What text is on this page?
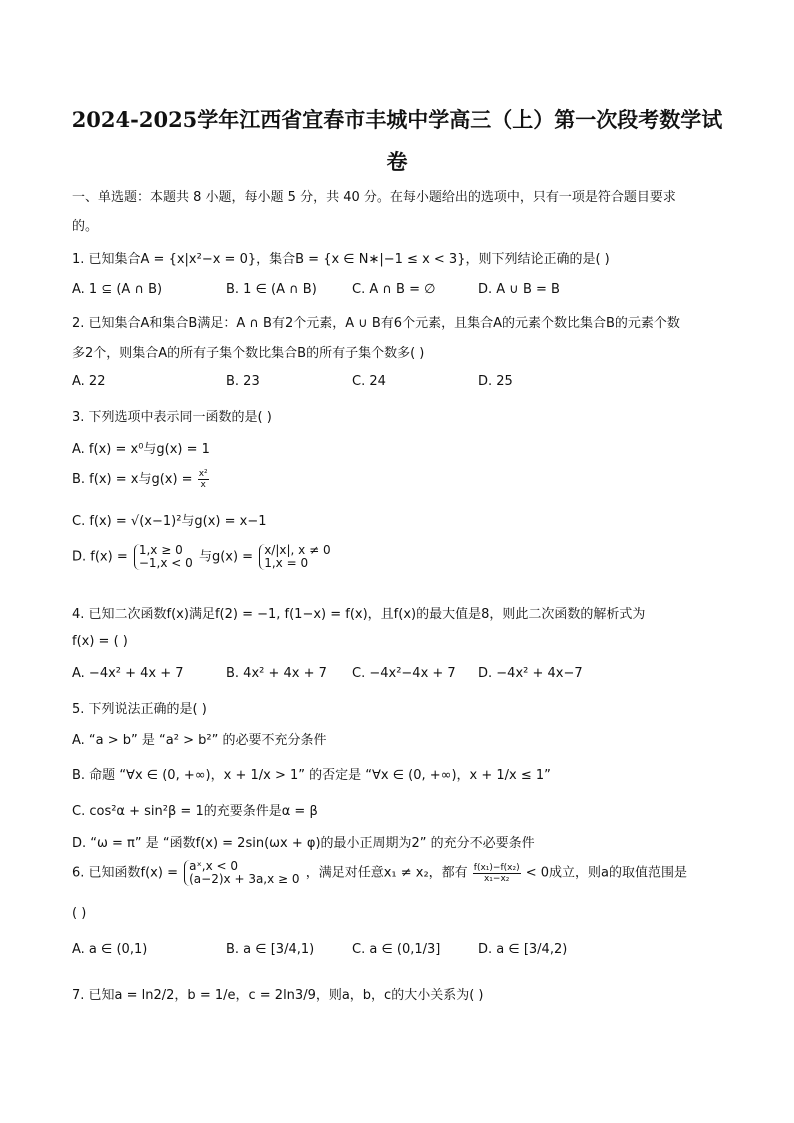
2024-2025学年江西省宜春市丰城中学高三（上）第一次段考数学试
卷
一、单选题：本题共 8 小题，每小题 5 分，共 40 分。在每小题给出的选项中，只有一项是符合题目要求
的。
1. 已知集合A = {x|x²−x = 0}，集合B = {x ∈ N∗|−1 ≤ x < 3}，则下列结论正确的是( )
A. 1 ⊆ (A ∩ B)	B. 1 ∈ (A ∩ B)	C. A ∩ B = ∅	D. A ∪ B = B
2. 已知集合A和集合B满足：A ∩ B有2个元素，A ∪ B有6个元素，且集合A的元素个数比集合B的元素个数
多2个，则集合A的所有子集个数比集合B的所有子集个数多( )
A. 22	B. 23	C. 24	D. 25
3. 下列选项中表示同一函数的是( )
A. f(x) = x⁰与g(x) = 1
B. f(x) = x与$g(x) = \frac{\text{x²}}{x}$
C. f(x) = √(x−1)²与g(x) = x−1
D. f(x) = 1,x ≥ 0
−1,x < 0 与g(x) = x/|x|, x ≠ 0
1,x = 0
4. 已知二次函数f(x)满足f(2) = −1, f(1−x) = f(x)，且f(x)的最大值是8，则此二次函数的解析式为
f(x) = ( )
A. −4x² + 4x + 7	B. 4x² + 4x + 7 C. −4x²−4x + 7 D. −4x² + 4x−7
5. 下列说法正确的是( )
A. “a > b” 是 “a² > b²” 的必要不充分条件
B. 命题 “∀x ∈ (0, +∞)，x + 1/x > 1” 的否定是 “∀x ∈ (0, +∞)，x + 1/x ≤ 1”
C. cos²α + sin²β = 1的充要条件是α = β
D. “ω = π” 是 “函数f(x) = 2sin(ωx + φ)的最小正周期为2” 的充分不必要条件
6. 已知函数f(x) = aˣ,x < 0
(a−2)x + 3a,x ≥ 0 ，满足对任意x₁ ≠ x₂，都有 $\frac{\text{f(x₁)−f(x₂)}}{\text{x₁−x₂}} < 0$成立，则a的取值范围是
( )
A. a ∈ (0,1)	B. a ∈ [3/4,1)	C. a ∈ (0,1/3]	D. a ∈ [3/4,2)
7. 已知a = ln2/2，b = 1/e，c = 2ln3/9，则a，b，c的大小关系为( )
